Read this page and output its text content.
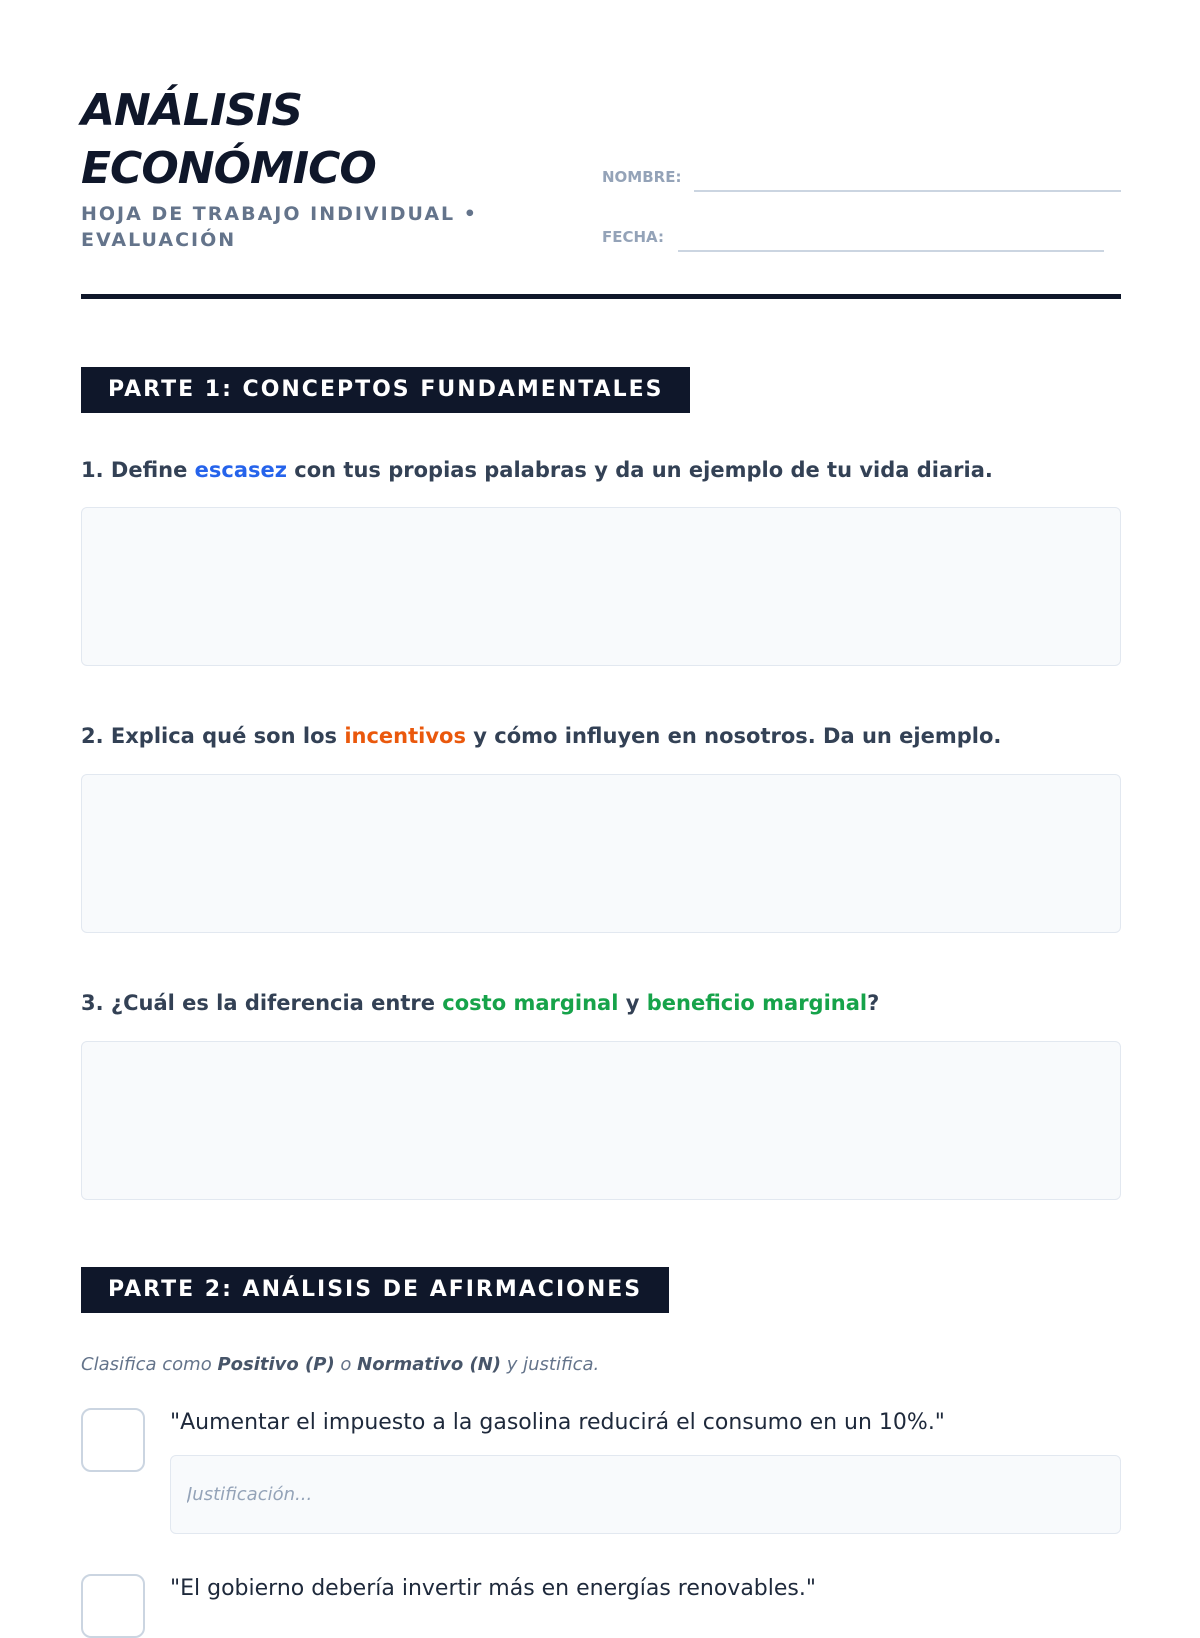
ANÁLISIS
ECONÓMICO
HOJA DE TRABAJO INDIVIDUAL • EVALUACIÓN
NOMBRE:
FECHA:
PARTE 1: CONCEPTOS FUNDAMENTALES
1. Define escasez con tus propias palabras y da un ejemplo de tu vida diaria.
2. Explica qué son los incentivos y cómo influyen en nosotros. Da un ejemplo.
3. ¿Cuál es la diferencia entre costo marginal y beneficio marginal?
PARTE 2: ANÁLISIS DE AFIRMACIONES
Clasifica como Positivo (P) o Normativo (N) y justifica.
"Aumentar el impuesto a la gasolina reducirá el consumo en un 10%."
Justificación...
"El gobierno debería invertir más en energías renovables."
